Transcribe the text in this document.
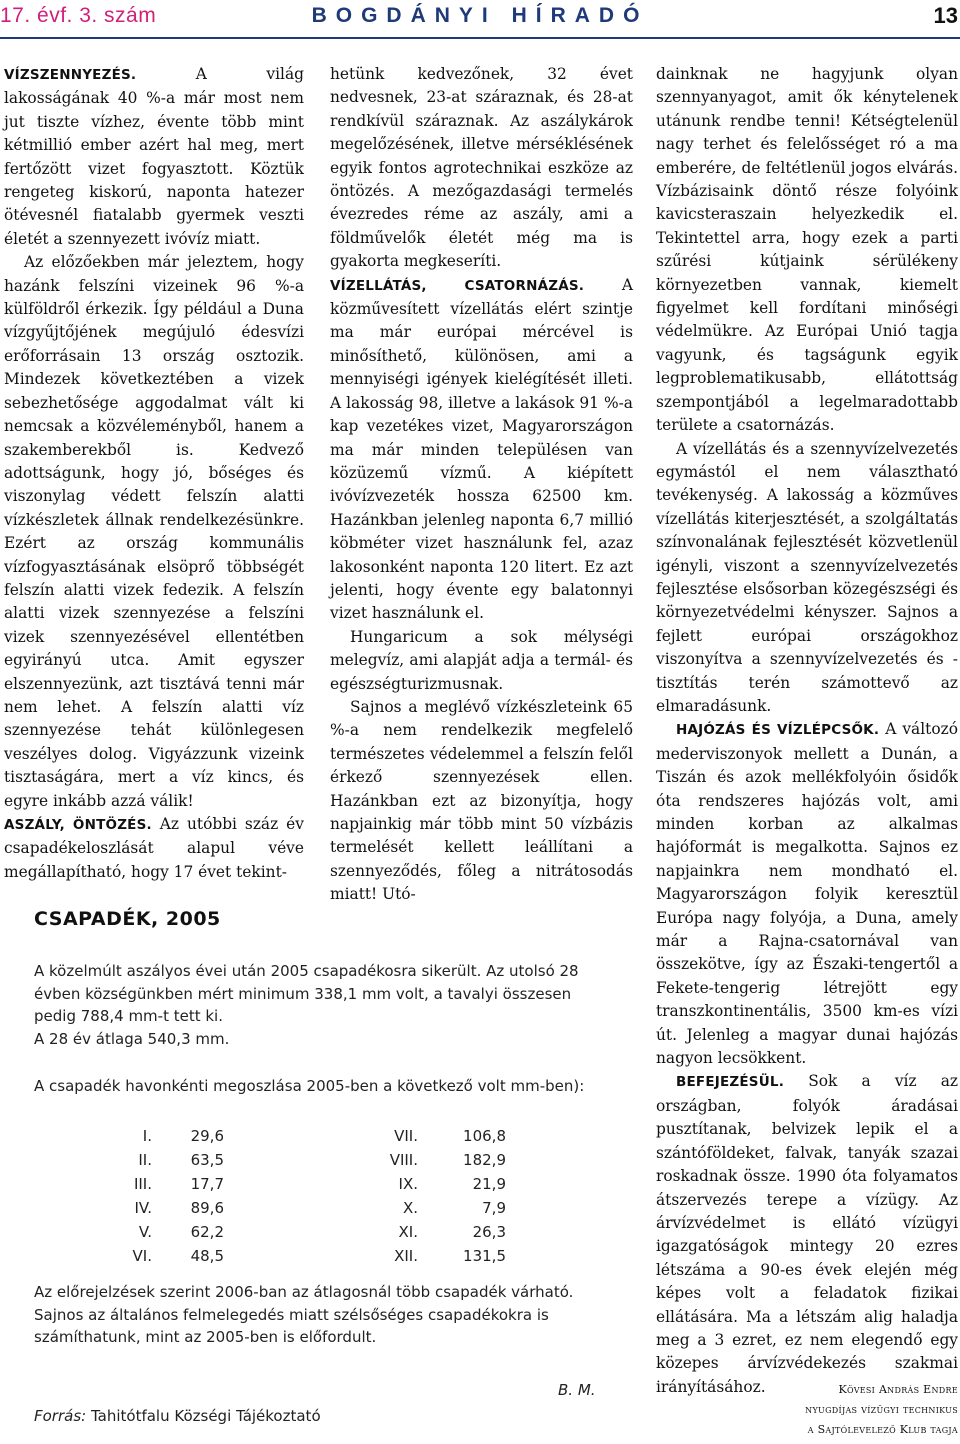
17. évf. 3. szám	BOGDÁNYI HÍRADÓ	13

VÍZSZENNYEZÉS. A világ lakosságának 40 %-a már most nem jut tiszte vízhez, évente több mint kétmillió ember azért hal meg, mert fertőzött vizet fogyasztott. Köztük rengeteg kiskorú, naponta hatezer ötévesnél fiatalabb gyermek veszti életét a szennyezett ivóvíz miatt.

Az előzőekben már jeleztem, hogy hazánk felszíni vizeinek 96 %-a külföldről érkezik. Így például a Duna vízgyűjtőjének megújuló édesvízi erőforrásain 13 ország osztozik. Mindezek következtében a vizek sebezhetősége aggodalmat vált ki nemcsak a közvéleményből, hanem a szakemberekből is. Kedvező adottságunk, hogy jó, bőséges és viszonylag védett felszín alatti vízkészletek állnak rendelkezésünkre. Ezért az ország kommunális vízfogyasztásának elsöprő többségét felszín alatti vizek fedezik. A felszín alatti vizek szennyezése a felszíni vizek szennyezésével ellentétben egyirányú utca. Amit egyszer elszennyezünk, azt tisztává tenni már nem lehet. A felszín alatti víz szennyezése tehát különlegesen veszélyes dolog. Vigyázzunk vizeink tisztaságára, mert a víz kincs, és egyre inkább azzá válik!

ASZÁLY, ÖNTÖZÉS. Az utóbbi száz év csapadékeloszlását alapul véve megállapítható, hogy 17 évet tekint-

hetünk kedvezőnek, 32 évet nedvesnek, 23-at száraznak, és 28-at rendkívül száraznak. Az aszálykárok megelőzésének, illetve mérséklésének egyik fontos agrotechnikai eszköze az öntözés. A mezőgazdasági termelés évezredes réme az aszály, ami a földművelők életét még ma is gyakorta megkeseríti.

VÍZELLÁTÁS, CSATORNÁZÁS. A közművesített vízellátás elért szintje ma már európai mércével is minősíthető, különösen, ami a mennyiségi igények kielégítését illeti. A lakosság 98, illetve a lakások 91 %-a kap vezetékes vizet, Magyarországon ma már minden településen van közüzemű vízmű. A kiépített ivóvízvezeték hossza 62500 km. Hazánkban jelenleg naponta 6,7 millió köbméter vizet használunk fel, azaz lakosonként naponta 120 litert. Ez azt jelenti, hogy évente egy balatonnyi vizet használunk el.

Hungaricum a sok mélységi melegvíz, ami alapját adja a termál- és egészségturizmusnak.

Sajnos a meglévő vízkészleteink 65 %-a nem rendelkezik megfelelő természetes védelemmel a felszín felől érkező szennyezések ellen. Hazánkban ezt az bizonyítja, hogy napjainkig már több mint 50 vízbázis termelését kellett leállítani a szennyeződés, főleg a nitrátosodás miatt! Utó-

dainknak ne hagyjunk olyan szennyanyagot, amit ők kénytelenek utánunk rendbe tenni! Kétségtelenül nagy terhet és felelősséget ró a ma emberére, de feltétlenül jogos elvárás. Vízbázisaink döntő része folyóink kavicsteraszain helyezkedik el. Tekintettel arra, hogy ezek a parti szűrési kútjaink sérülékeny környezetben vannak, kiemelt figyelmet kell fordítani minőségi védelmükre. Az Európai Unió tagja vagyunk, és tagságunk egyik legproblematikusabb, ellátottság szempontjából a legelmaradottabb területe a csatornázás.

A vízellátás és a szennyvízelvezetés egymástól el nem választható tevékenység. A lakosság a közműves vízellátás kiterjesztését, a szolgáltatás színvonalának fejlesztését közvetlenül igényli, viszont a szennyvízelvezetés fejlesztése elsősorban közegészségi és környezetvédelmi kényszer. Sajnos a fejlett európai országokhoz viszonyítva a szennyvízelvezetés és -tisztítás terén számottevő az elmaradásunk.

HAJÓZÁS ÉS VÍZLÉPCSŐK. A változó mederviszonyok mellett a Dunán, a Tiszán és azok mellékfolyóin ősidők óta rendszeres hajózás volt, ami minden korban az alkalmas hajóformát is megalkotta. Sajnos ez napjainkra nem mondható el. Magyarországon folyik keresztül Európa nagy folyója, a Duna, amely már a Rajna-csatornával van összekötve, így az Északi-tengertől a Fekete-tengerig létrejött egy transzkontinentális, 3500 km-es vízi út. Jelenleg a magyar dunai hajózás nagyon lecsökkent.

BEFEJEZÉSÜL. Sok a víz az országban, folyók áradásai pusztítanak, belvizek lepik el a szántóföldeket, falvak, tanyák szazai roskadnak össze. 1990 óta folyamatos átszervezés terepe a vízügy. Az árvízvédelmet is ellátó vízügyi igazgatóságok mintegy 20 ezres létszáma a 90-es évek elején még képes volt a feladatok fizikai ellátására. Ma a létszám alig haladja meg a 3 ezret, ez nem elegendő egy közepes árvízvédekezés szakmai irányításához.

CSAPADÉK, 2005

A közelmúlt aszályos évei után 2005 csapadékosra sikerült. Az utolsó 28 évben községünkben mért minimum 338,1 mm volt, a tavalyi összesen pedig 788,4 mm-t tett ki.

A 28 év átlaga 540,3 mm.

A csapadék havonkénti megoszlása 2005-ben a következő volt mm-ben):

I.	29,6	VII.	106,8
II.	63,5	VIII.	182,9
III.	17,7	IX.	21,9
IV.	89,6	X.	7,9
V.	62,2	XI.	26,3
VI.	48,5	XII.	131,5

Az előrejelzések szerint 2006-ban az átlagosnál több csapadék várható. Sajnos az általános felmelegedés miatt szélsőséges csapadékokra is számíthatunk, mint az 2005-ben is előfordult.

B. M.
Forrás: Tahitótfalu Községi Tájékoztató
Kövesi András Endre
nyugdíjas vízügyi technikus
a Sajtólevelező Klub tagja
